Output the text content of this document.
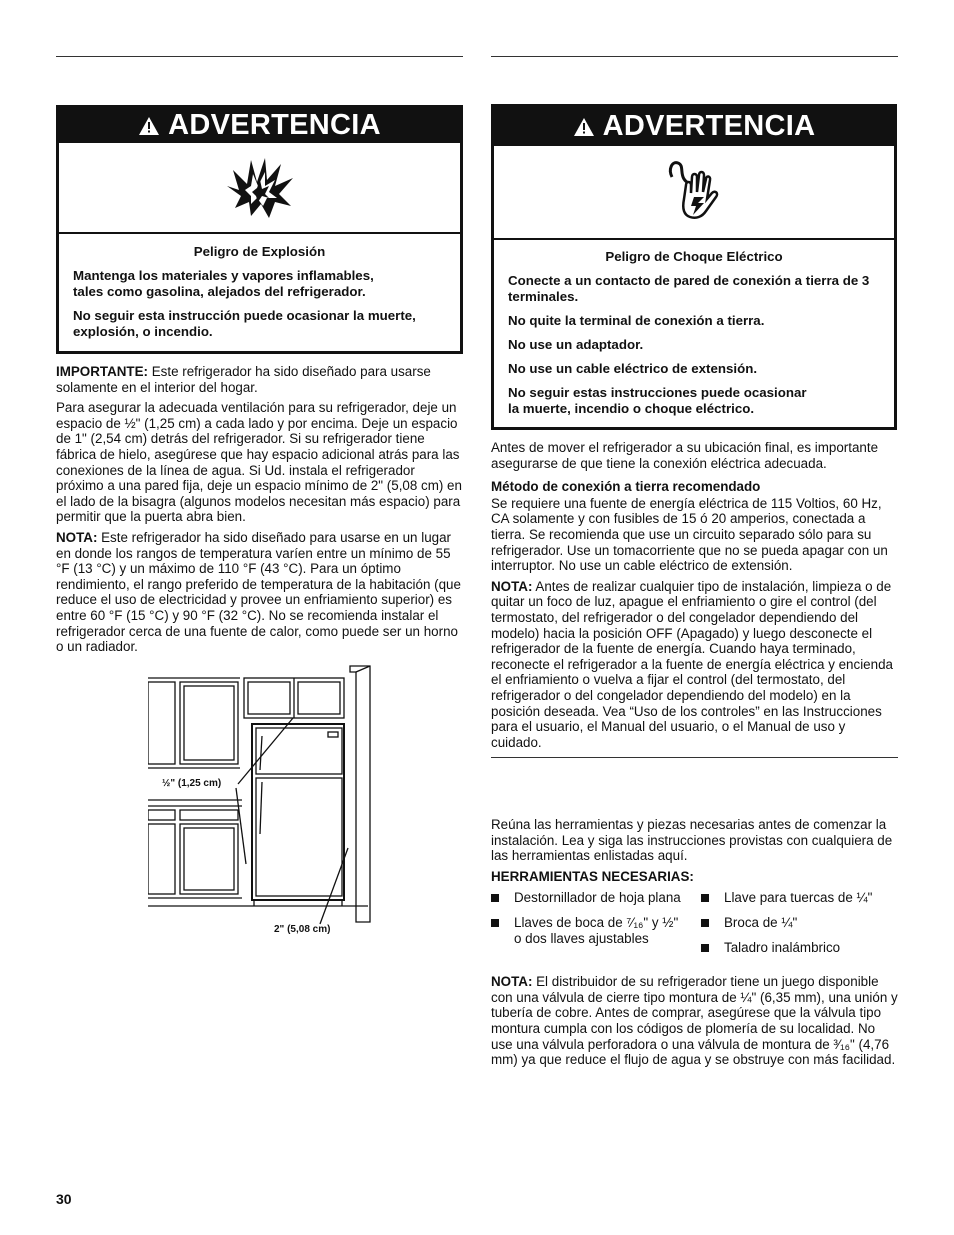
ADVERTENCIA

Peligro de Explosión

Mantenga los materiales y vapores inflamables,
tales como gasolina, alejados del refrigerador.

No seguir esta instrucción puede ocasionar la muerte, explosión, o incendio.

ADVERTENCIA

Peligro de Choque Eléctrico

Conecte a un contacto de pared de conexión a tierra de 3 terminales.

No quite la terminal de conexión a tierra.

No use un adaptador.

No use un cable eléctrico de extensión.

No seguir estas instrucciones puede ocasionar la muerte, incendio o choque eléctrico.

IMPORTANTE: Este refrigerador ha sido diseñado para usarse solamente en el interior del hogar.

Para asegurar la adecuada ventilación para su refrigerador, deje un espacio de ½" (1,25 cm) a cada lado y por encima. Deje un espacio de 1" (2,54 cm) detrás del refrigerador. Si su refrigerador tiene fábrica de hielo, asegúrese que hay espacio adicional atrás para las conexiones de la línea de agua. Si Ud. instala el refrigerador próximo a una pared fija, deje un espacio mínimo de 2" (5,08 cm) en el lado de la bisagra (algunos modelos necesitan más espacio) para permitir que la puerta abra bien.

NOTA: Este refrigerador ha sido diseñado para usarse en un lugar en donde los rangos de temperatura varíen entre un mínimo de 55 °F (13 °C) y un máximo de 110 °F (43 °C). Para un óptimo rendimiento, el rango preferido de temperatura de la habitación (que reduce el uso de electricidad y provee un enfriamiento superior) es entre 60 °F (15 °C) y 90 °F (32 °C). No se recomienda instalar el refrigerador cerca de una fuente de calor, como puede ser un horno o un radiador.

½" (1,25 cm)
2" (5,08 cm)

Antes de mover el refrigerador a su ubicación final, es importante asegurarse de que tiene la conexión eléctrica adecuada.

Método de conexión a tierra recomendado

Se requiere una fuente de energía eléctrica de 115 Voltios, 60 Hz, CA solamente y con fusibles de 15 ó 20 amperios, conectada a tierra. Se recomienda que use un circuito separado sólo para su refrigerador. Use un tomacorriente que no se pueda apagar con un interruptor. No use un cable eléctrico de extensión.

NOTA: Antes de realizar cualquier tipo de instalación, limpieza o de quitar un foco de luz, apague el enfriamiento o gire el control (del termostato, del refrigerador o del congelador dependiendo del modelo) hacia la posición OFF (Apagado) y luego desconecte el refrigerador de la fuente de energía. Cuando haya terminado, reconecte el refrigerador a la fuente de energía eléctrica y encienda el enfriamiento o vuelva a fijar el control (del termostato, del refrigerador o del congelador dependiendo del modelo) en la posición deseada. Vea “Uso de los controles” en las Instrucciones para el usuario, el Manual del usuario, o el Manual de uso y cuidado.

Reúna las herramientas y piezas necesarias antes de comenzar la instalación. Lea y siga las instrucciones provistas con cualquiera de las herramientas enlistadas aquí.

HERRAMIENTAS NECESARIAS:
Destornillador de hoja plana
Llaves de boca de ⁷⁄₁₆" y ½" o dos llaves ajustables
Llave para tuercas de ¼"
Broca de ¼"
Taladro inalámbrico

NOTA: El distribuidor de su refrigerador tiene un juego disponible con una válvula de cierre tipo montura de ¼" (6,35 mm), una unión y tubería de cobre. Antes de comprar, asegúrese que la válvula tipo montura cumpla con los códigos de plomería de su localidad. No use una válvula perforadora o una válvula de montura de ³⁄₁₆" (4,76 mm) ya que reduce el flujo de agua y se obstruye con más facilidad.

30
